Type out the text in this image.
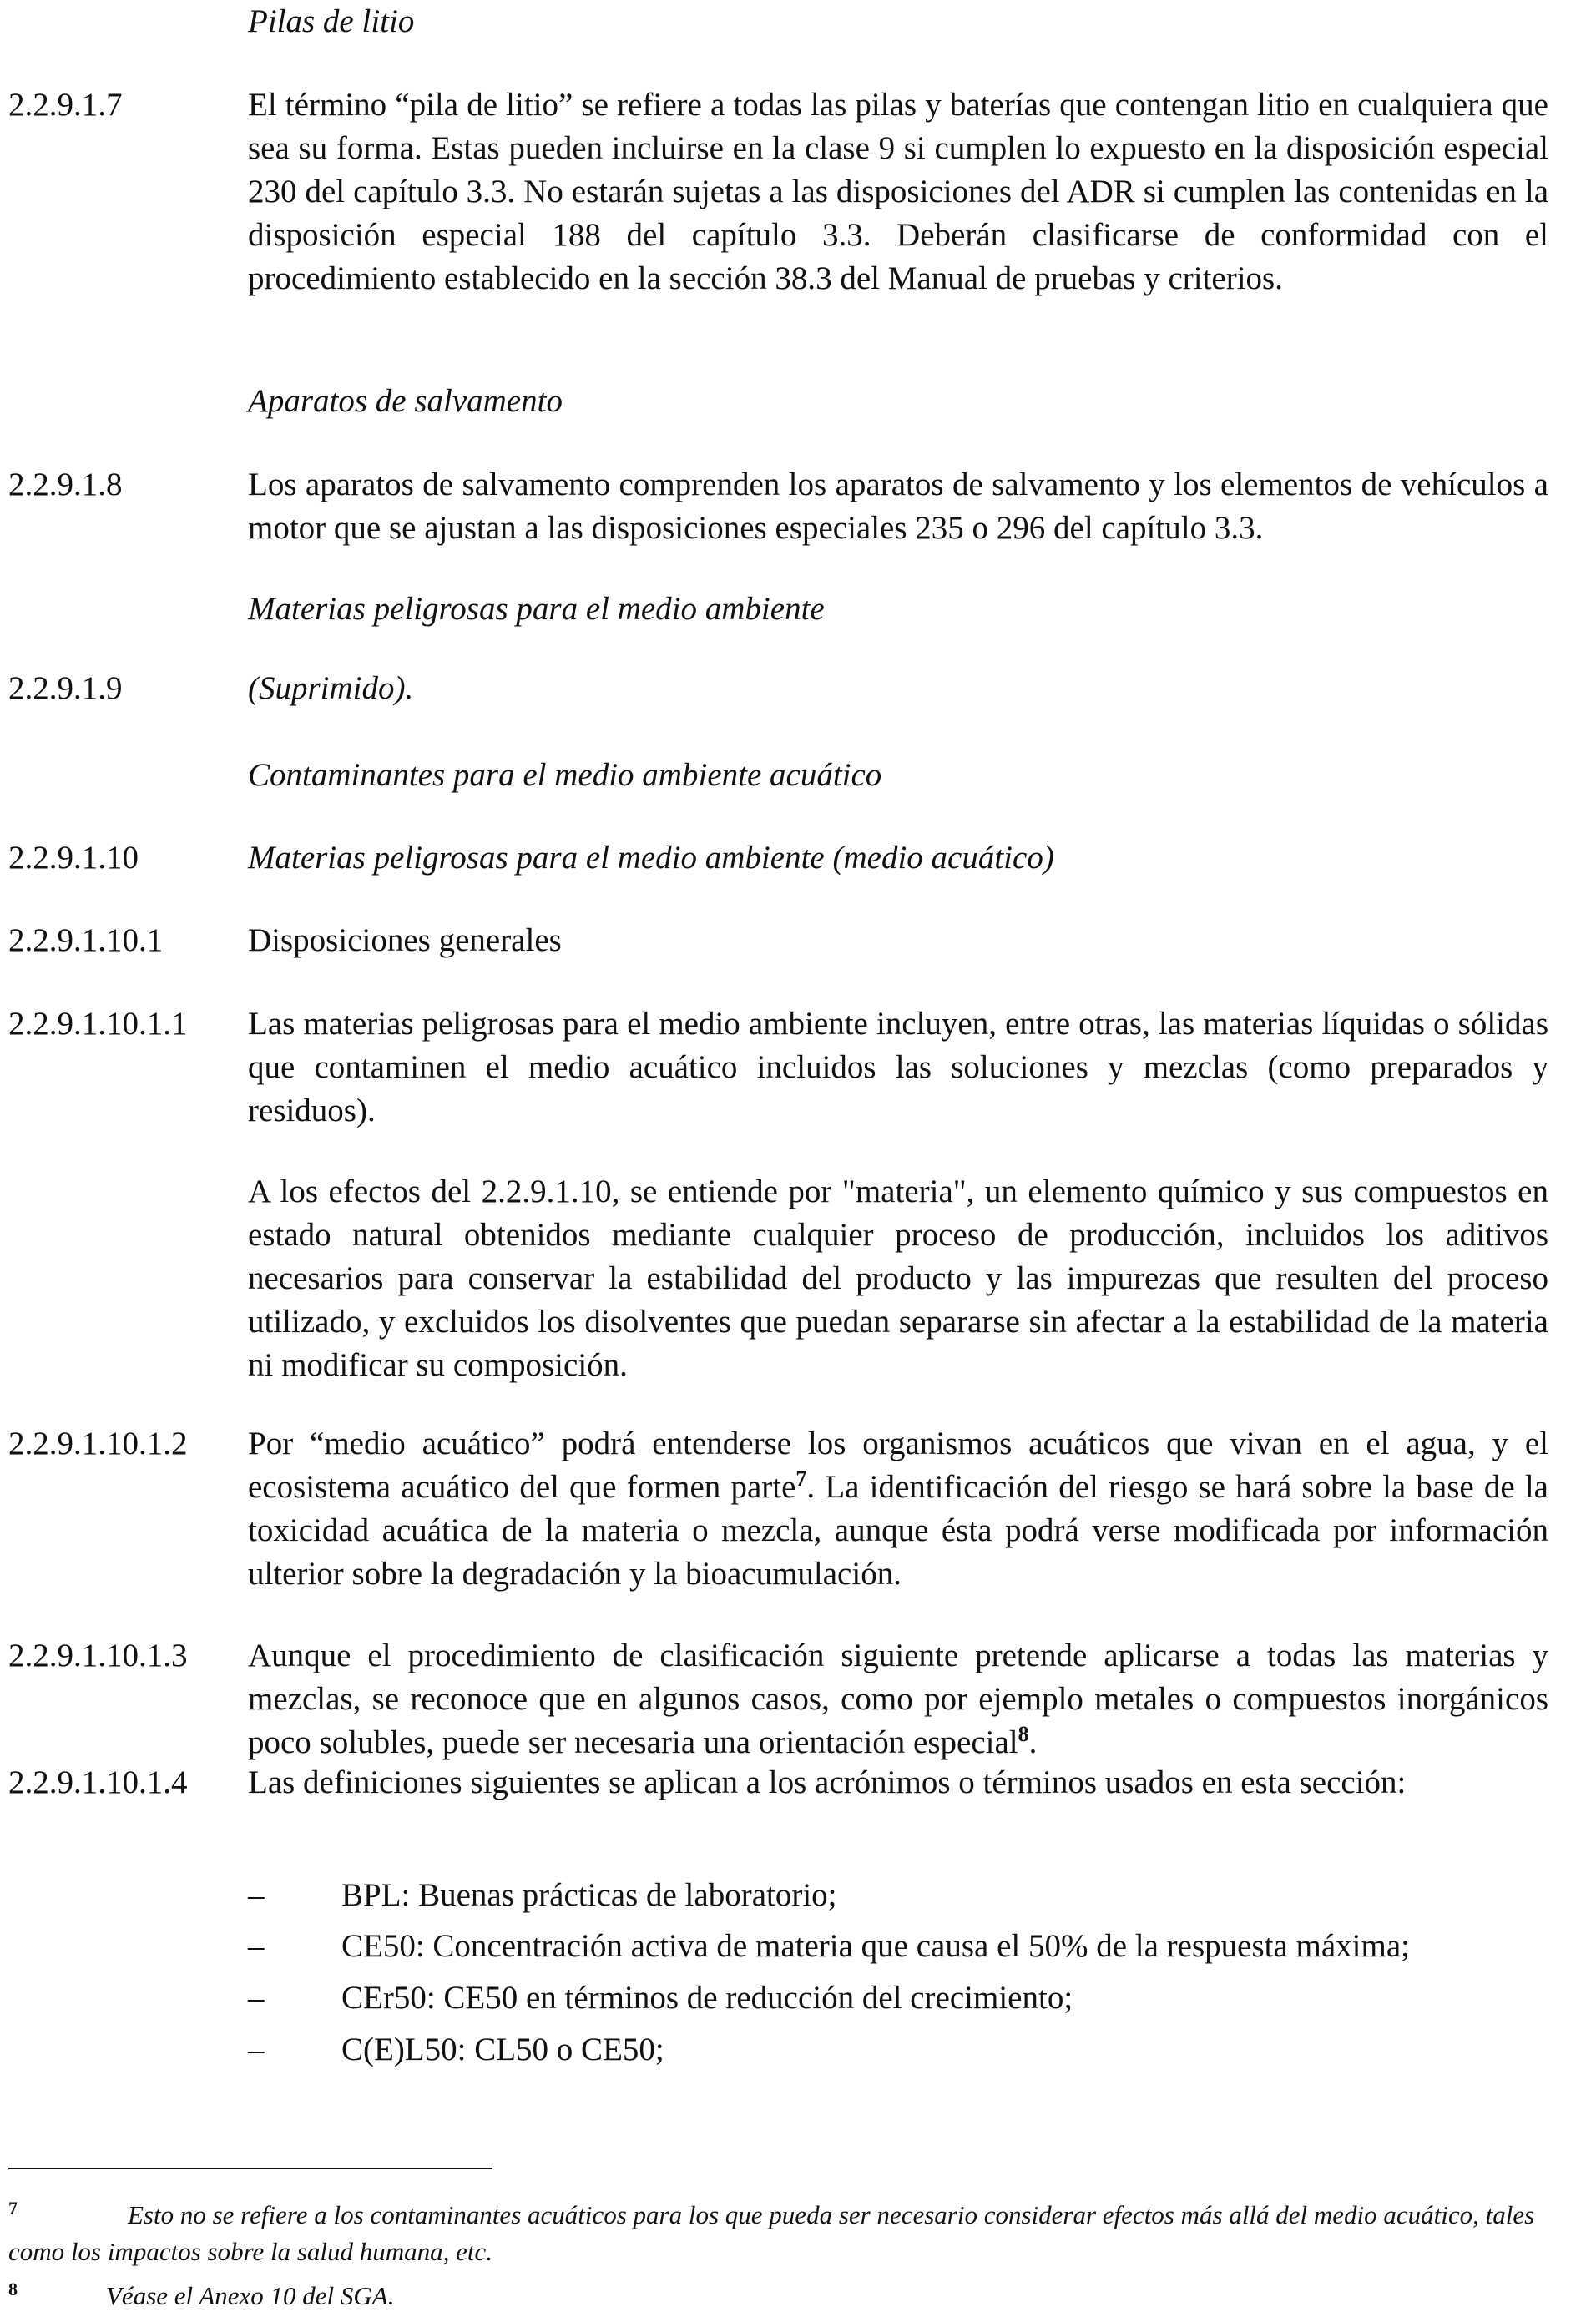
Pilas de litio
2.2.9.1.7	El término “pila de litio” se refiere a todas las pilas y baterías que contengan litio en cualquiera que sea su forma. Estas pueden incluirse en la clase 9 si cumplen lo expuesto en la disposición especial 230 del capítulo 3.3. No estarán sujetas a las disposiciones del ADR si cumplen las contenidas en la disposición especial 188 del capítulo 3.3. Deberán clasificarse de conformidad con el procedimiento establecido en la sección 38.3 del Manual de pruebas y criterios.
Aparatos de salvamento
2.2.9.1.8	Los aparatos de salvamento comprenden los aparatos de salvamento y los elementos de vehículos a motor que se ajustan a las disposiciones especiales 235 o 296 del capítulo 3.3.
Materias peligrosas para el medio ambiente
2.2.9.1.9	(Suprimido).
Contaminantes para el medio ambiente acuático
2.2.9.1.10	Materias peligrosas para el medio ambiente (medio acuático)
2.2.9.1.10.1	Disposiciones generales
2.2.9.1.10.1.1 Las materias peligrosas para el medio ambiente incluyen, entre otras, las materias líquidas o sólidas que contaminen el medio acuático incluidos las soluciones y mezclas (como preparados y residuos).
A los efectos del 2.2.9.1.10, se entiende por "materia", un elemento químico y sus compuestos en estado natural obtenidos mediante cualquier proceso de producción, incluidos los aditivos necesarios para conservar la estabilidad del producto y las impurezas que resulten del proceso utilizado, y excluidos los disolventes que puedan separarse sin afectar a la estabilidad de la materia ni modificar su composición.
2.2.9.1.10.1.2 Por “medio acuático” podrá entenderse los organismos acuáticos que vivan en el agua, y el ecosistema acuático del que formen parte$^7$. La identificación del riesgo se hará sobre la base de la toxicidad acuática de la materia o mezcla, aunque ésta podrá verse modificada por información ulterior sobre la degradación y la bioacumulación.
2.2.9.1.10.1.3 Aunque el procedimiento de clasificación siguiente pretende aplicarse a todas las materias y mezclas, se reconoce que en algunos casos, como por ejemplo metales o compuestos inorgánicos poco solubles, puede ser necesaria una orientación especial$^8$.
2.2.9.1.10.1.4 Las definiciones siguientes se aplican a los acrónimos o términos usados en esta sección:
– BPL: Buenas prácticas de laboratorio;
– CE50: Concentración activa de materia que causa el 50% de la respuesta máxima;
– CEr50: CE50 en términos de reducción del crecimiento;
– C(E)L50: CL50 o CE50;
7	Esto no se refiere a los contaminantes acuáticos para los que pueda ser necesario considerar efectos más allá del medio acuático, tales como los impactos sobre la salud humana, etc.
8	Véase el Anexo 10 del SGA.
